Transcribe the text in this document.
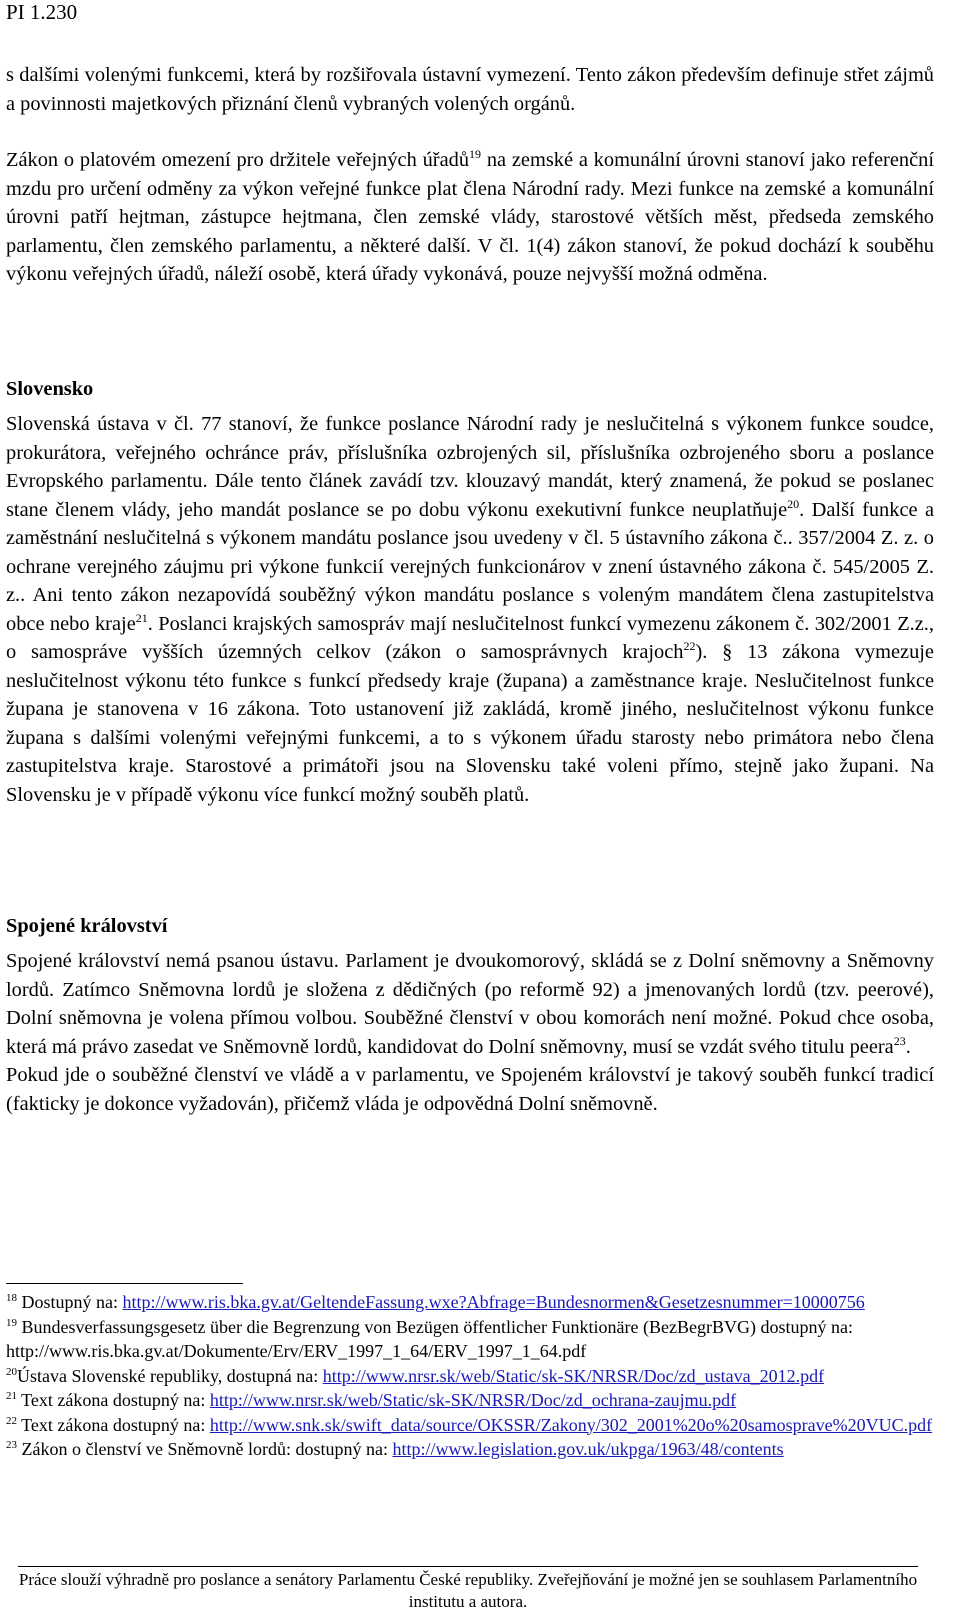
PI 1.230

s dalšími volenými funkcemi, která by rozšiřovala ústavní vymezení. Tento zákon především definuje střet zájmů a povinnosti majetkových přiznání členů vybraných volených orgánů.

Zákon o platovém omezení pro držitele veřejných úřadů$^{19}$ na zemské a komunální úrovni stanoví jako referenční mzdu pro určení odměny za výkon veřejné funkce plat člena Národní rady. Mezi funkce na zemské a komunální úrovni patří hejtman, zástupce hejtmana, člen zemské vlády, starostové větších měst, předseda zemského parlamentu, člen zemského parlamentu, a některé další. V čl. 1(4) zákon stanoví, že pokud dochází k souběhu výkonu veřejných úřadů, náleží osobě, která úřady vykonává, pouze nejvyšší možná odměna.

Slovensko

Slovenská ústava v čl. 77 stanoví, že funkce poslance Národní rady je neslučitelná s výkonem funkce soudce, prokurátora, veřejného ochránce práv, příslušníka ozbrojených sil, příslušníka ozbrojeného sboru a poslance Evropského parlamentu. Dále tento článek zavádí tzv. klouzavý mandát, který znamená, že pokud se poslanec stane členem vlády, jeho mandát poslance se po dobu výkonu exekutivní funkce neuplatňuje$^{20}$. Další funkce a zaměstnání neslučitelná s výkonem mandátu poslance jsou uvedeny v čl. 5 ústavního zákona č.. 357/2004 Z. z. o ochrane verejného záujmu pri výkone funkcií verejných funkcionárov v znení ústavného zákona č. 545/2005 Z. z.. Ani tento zákon nezapovídá souběžný výkon mandátu poslance s voleným mandátem člena zastupitelstva obce nebo kraje$^{21}$. Poslanci krajských samospráv mají neslučitelnost funkcí vymezenu zákonem č. 302/2001 Z.z., o samospráve vyšších územných celkov (zákon o samosprávnych krajoch$^{22}$). § 13 zákona vymezuje neslučitelnost výkonu této funkce s funkcí předsedy kraje (župana) a zaměstnance kraje. Neslučitelnost funkce župana je stanovena v 16 zákona. Toto ustanovení již zakládá, kromě jiného, neslučitelnost výkonu funkce župana s dalšími volenými veřejnými funkcemi, a to s výkonem úřadu starosty nebo primátora nebo člena zastupitelstva kraje. Starostové a primátoři jsou na Slovensku také voleni přímo, stejně jako župani. Na Slovensku je v případě výkonu více funkcí možný souběh platů.

Spojené království

Spojené království nemá psanou ústavu. Parlament je dvoukomorový, skládá se z Dolní sněmovny a Sněmovny lordů. Zatímco Sněmovna lordů je složena z dědičných (po reformě 92) a jmenovaných lordů (tzv. peerové), Dolní sněmovna je volena přímou volbou. Souběžné členství v obou komorách není možné. Pokud chce osoba, která má právo zasedat ve Sněmovně lordů, kandidovat do Dolní sněmovny, musí se vzdát svého titulu peera$^{23}$.

Pokud jde o souběžné členství ve vládě a v parlamentu, ve Spojeném království je takový souběh funkcí tradicí (fakticky je dokonce vyžadován), přičemž vláda je odpovědná Dolní sněmovně.

$^{18}$ Dostupný na: http://www.ris.bka.gv.at/GeltendeFassung.wxe?Abfrage=Bundesnormen&Gesetzesnummer=10000756
$^{19}$ Bundesverfassungsgesetz über die Begrenzung von Bezügen öffentlicher Funktionäre (BezBegrBVG) dostupný na: http://www.ris.bka.gv.at/Dokumente/Erv/ERV_1997_1_64/ERV_1997_1_64.pdf
$^{20}$Ústava Slovenské republiky, dostupná na: http://www.nrsr.sk/web/Static/sk-SK/NRSR/Doc/zd_ustava_2012.pdf
$^{21}$ Text zákona dostupný na: http://www.nrsr.sk/web/Static/sk-SK/NRSR/Doc/zd_ochrana-zaujmu.pdf
$^{22}$ Text zákona dostupný na: http://www.snk.sk/swift_data/source/OKSSR/Zakony/302_2001%20o%20samosprave%20VUC.pdf
$^{23}$ Zákon o členství ve Sněmovně lordů: dostupný na: http://www.legislation.gov.uk/ukpga/1963/48/contents
Práce slouží výhradně pro poslance a senátory Parlamentu České republiky. Zveřejňování je možné jen se souhlasem Parlamentního institutu a autora.
